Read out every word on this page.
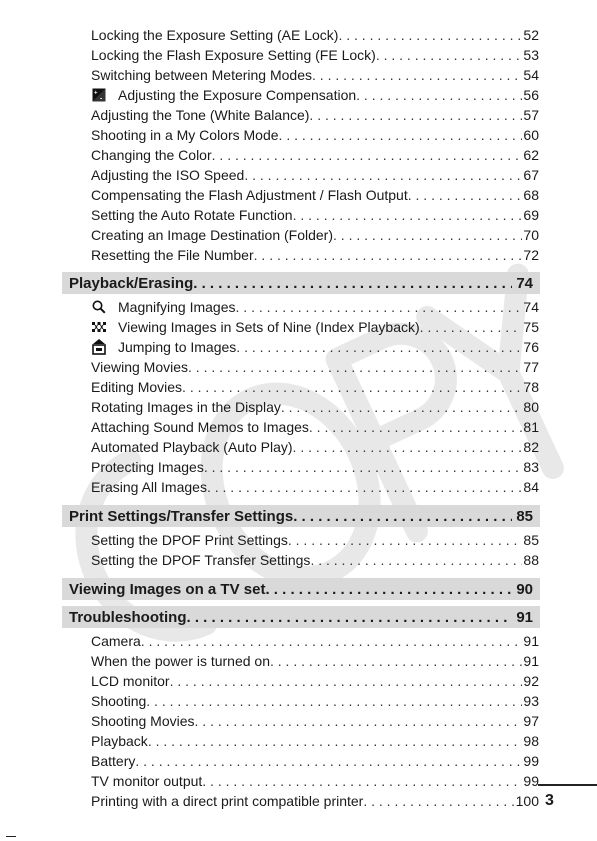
Locking the Exposure Setting (AE Lock) . . .	52
Locking the Flash Exposure Setting (FE Lock) . . .	53
Switching between Metering Modes . . .	54
+
- Adjusting the Exposure Compensation . . .	56
Adjusting the Tone (White Balance) . . .	57
Shooting in a My Colors Mode . . .	60
Changing the Color . . .	62
Adjusting the ISO Speed . . .	67
Compensating the Flash Adjustment / Flash Output . . .	68
Setting the Auto Rotate Function . . .	69
Creating an Image Destination (Folder) . . .	70
Resetting the File Number . . .	72
Playback/Erasing . . .	74
Magnifying Images . . .	74
Viewing Images in Sets of Nine (Index Playback) . . .	75
Jumping to Images . . .	76
Viewing Movies . . .	77
Editing Movies . . .	78
Rotating Images in the Display . . .	80
Attaching Sound Memos to Images . . .	81
Automated Playback (Auto Play) . . .	82
Protecting Images . . .	83
Erasing All Images . . .	84
Print Settings/Transfer Settings . . .	85
Setting the DPOF Print Settings . . .	85
Setting the DPOF Transfer Settings . . .	88
Viewing Images on a TV set . . .	90
Troubleshooting . . .	91
Camera . . .	91
When the power is turned on . . .	91
LCD monitor . . .	92
Shooting . . .	93
Shooting Movies . . .	97
Playback . . .	98
Battery . . .	99
TV monitor output . . .	99
Printing with a direct print compatible printer . . .	100 3
